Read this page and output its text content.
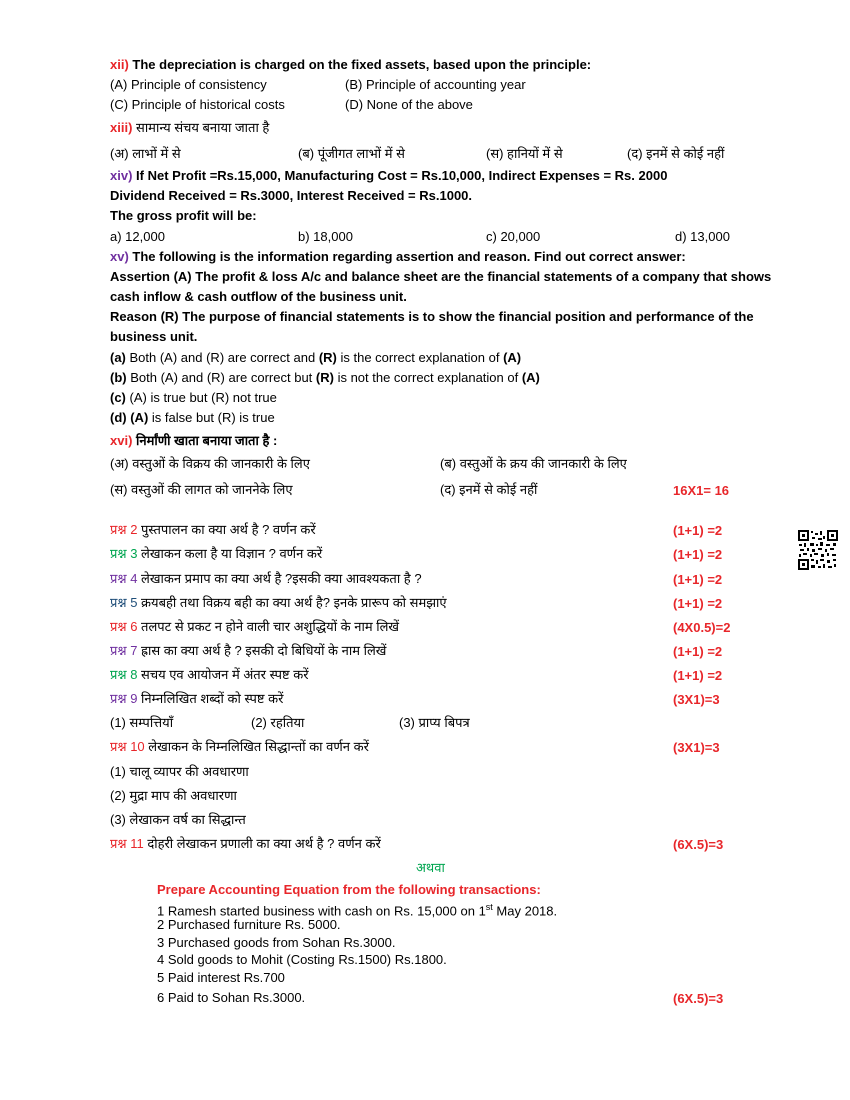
xii) The depreciation is charged on the fixed assets, based upon the principle:
(A) Principle of consistency	(B) Principle of accounting year
(C) Principle of historical costs	(D) None of the above
xiii) सामान्य संचय बनाया जाता है
(अ) लाभों में से	(ब) पूंजीगत लाभों में से	(स) हानियों में से	(द) इनमें से कोई नहीं
xiv) If Net Profit =Rs.15,000, Manufacturing Cost = Rs.10,000, Indirect Expenses = Rs. 2000
Dividend Received = Rs.3000, Interest Received = Rs.1000.
The gross profit will be:
a) 12,000	b) 18,000	c) 20,000	d) 13,000
xv) The following is the information regarding assertion and reason. Find out correct answer:
Assertion (A) The profit & loss A/c and balance sheet are the financial statements of a company that shows
cash inflow & cash outflow of the business unit.
Reason (R) The purpose of financial statements is to show the financial position and performance of the
business unit.
(a) Both (A) and (R) are correct and (R) is the correct explanation of (A)
(b) Both (A) and (R) are correct but (R) is not the correct explanation of (A)
(c) (A) is true but (R) not true
(d) (A) is false but (R) is true
xvi) निर्मांणी खाता बनाया जाता है :
(अ) वस्तुओं के विक्रय की जानकारी के लिए	(ब) वस्तुओं के क्रय की जानकारी के लिए
(स) वस्तुओं की लागत को जाननेके लिए	(द) इनमें से कोई नहीं	16X1= 16
प्रश्न 2 पुस्तपालन का क्या अर्थ है ? वर्णन करें	(1+1) =2
प्रश्न 3 लेखाकन कला है या विज्ञान ? वर्णन करें	(1+1) =2
प्रश्न 4 लेखाकन प्रमाप का क्या अर्थ है ?इसकी क्या आवश्यकता है ?	(1+1) =2
प्रश्न 5 क्रयबही तथा विक्रय बही का क्या अर्थ है? इनके प्रारूप को समझाएं	(1+1) =2
प्रश्न 6 तलपट से प्रकट न होने वाली चार अशुद्धियों के नाम लिखें	(4X0.5)=2
प्रश्न 7 ह्रास का क्या अर्थ है ? इसकी दो बिधियों के नाम लिखें	(1+1) =2
प्रश्न 8 सचय एव आयोजन में अंतर स्पष्ट करें	(1+1) =2
प्रश्न 9 निम्नलिखित शब्दों को स्पष्ट करें	(3X1)=3
(1) सम्पत्तियाँ	(2) रहतिया	(3) प्राप्य बिपत्र
प्रश्न 10 लेखाकन के निम्नलिखित सिद्धान्तों का वर्णन करें	(3X1)=3
(1) चालू व्यापर की अवधारणा
(2) मुद्रा माप की अवधारणा
(3) लेखाकन वर्ष का सिद्धान्त
प्रश्न 11 दोहरी लेखाकन प्रणाली का क्या अर्थ है ? वर्णन करें	(6X.5)=3
अथवा
Prepare Accounting Equation from the following transactions:
1 Ramesh started business with cash on Rs. 15,000 on 1st May 2018.
2 Purchased furniture Rs. 5000.
3 Purchased goods from Sohan Rs.3000.
4 Sold goods to Mohit (Costing Rs.1500) Rs.1800.
5 Paid interest Rs.700
6 Paid to Sohan Rs.3000.	(6X.5)=3
